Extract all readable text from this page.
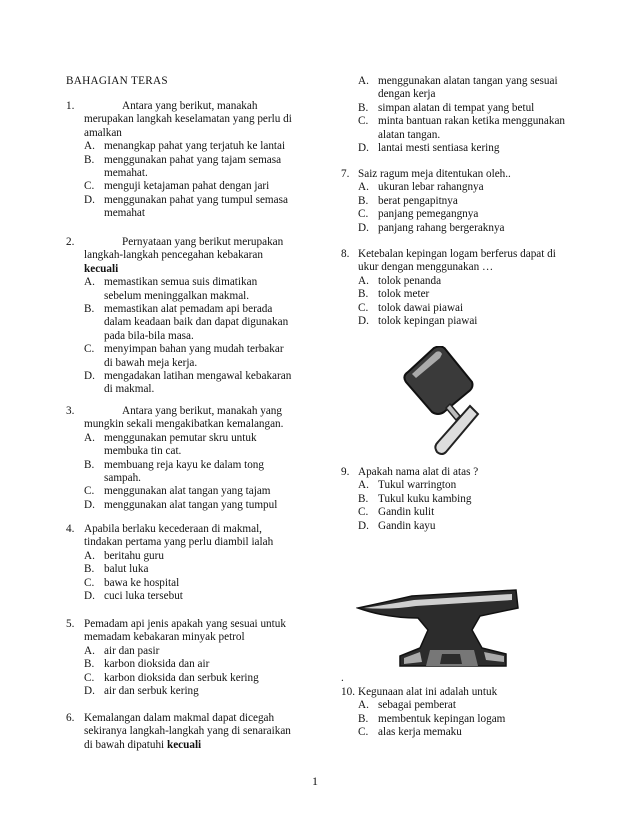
BAHAGIAN TERAS
1
.
1.	Antara yang berikut, manakah
merupakan langkah keselamatan yang perlu di
amalkan
A. menangkap pahat yang terjatuh ke lantai
B. menggunakan pahat yang tajam semasa
memahat.
C. menguji ketajaman pahat dengan jari
D. menggunakan pahat yang tumpul semasa
memahat
2.	Pernyataan yang berikut merupakan
langkah-langkah pencegahan kebakaran
kecuali
A. memastikan semua suis dimatikan
sebelum meninggalkan makmal.
B. memastikan alat pemadam api berada
dalam keadaan baik dan dapat digunakan
pada bila-bila masa.
C. menyimpan bahan yang mudah terbakar
di bawah meja kerja.
D. mengadakan latihan mengawal kebakaran
di makmal.
3.	Antara yang berikut, manakah yang
mungkin sekali mengakibatkan kemalangan.
A. menggunakan pemutar skru untuk
membuka tin cat.
B. membuang reja kayu ke dalam tong
sampah.
C. menggunakan alat tangan yang tajam
D. menggunakan alat tangan yang tumpul
4. Apabila berlaku kecederaan di makmal,
tindakan pertama yang perlu diambil ialah
A. beritahu guru
B. balut luka
C. bawa ke hospital
D. cuci luka tersebut
5. Pemadam api jenis apakah yang sesuai untuk
memadam kebakaran minyak petrol
A. air dan pasir
B. karbon dioksida dan air
C. karbon dioksida dan serbuk kering
D. air dan serbuk kering
6. Kemalangan dalam makmal dapat dicegah
sekiranya langkah-langkah yang di senaraikan
di bawah dipatuhi kecuali
A. menggunakan alatan tangan yang sesuai
dengan kerja
B. simpan alatan di tempat yang betul
C. minta bantuan rakan ketika menggunakan
alatan tangan.
D. lantai mesti sentiasa kering
7. Saiz ragum meja ditentukan oleh..
A. ukuran lebar rahangnya
B. berat pengapitnya
C. panjang pemegangnya
D. panjang rahang bergeraknya
8. Ketebalan kepingan logam berferus dapat di
ukur dengan menggunakan …
A. tolok penanda
B. tolok meter
C. tolok dawai piawai
D. tolok kepingan piawai
9. Apakah nama alat di atas ?
A. Tukul warrington
B. Tukul kuku kambing
C. Gandin kulit
D. Gandin kayu
10. Kegunaan alat ini adalah untuk
A. sebagai pemberat
B. membentuk kepingan logam
C. alas kerja memaku
